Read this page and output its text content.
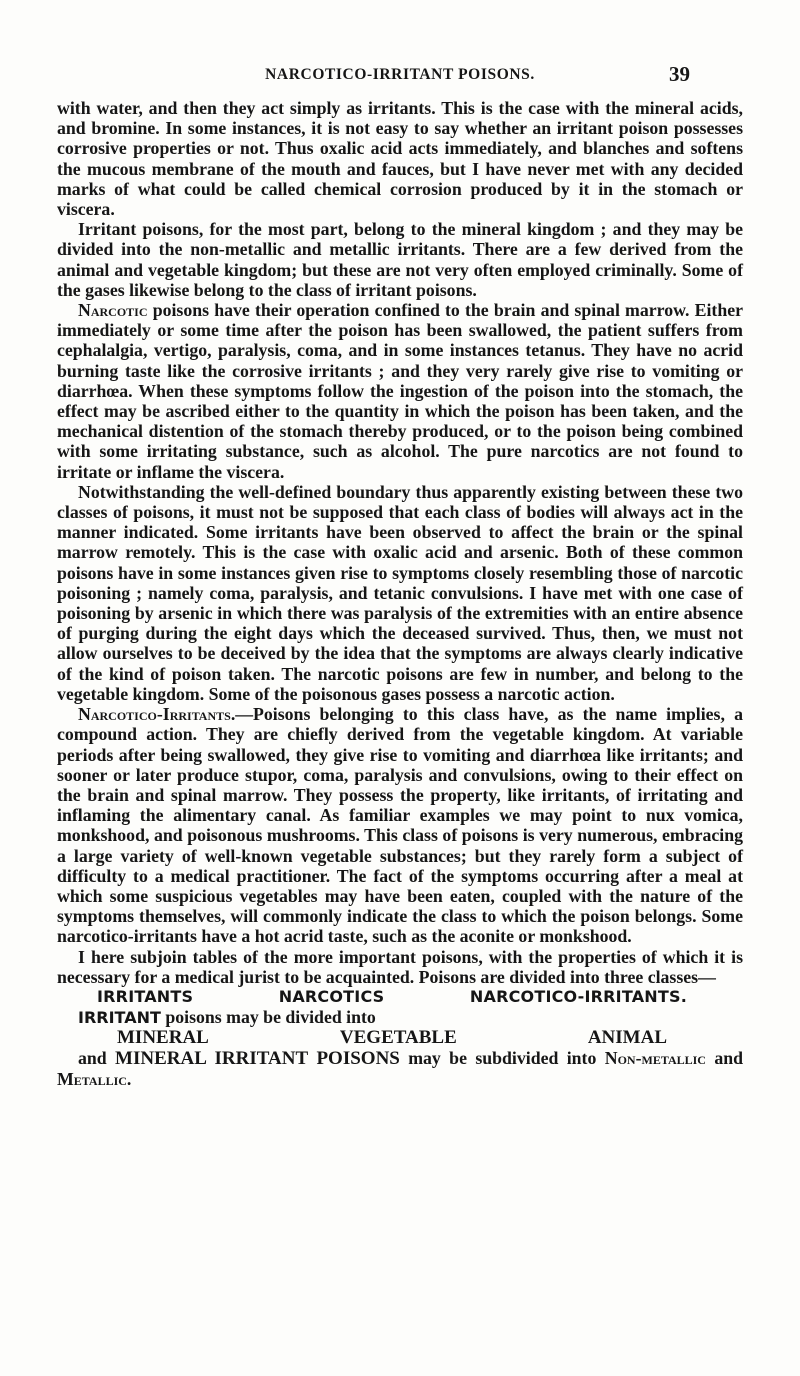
NARCOTICO-IRRITANT POISONS.	39

with water, and then they act simply as irritants. This is the case with the mineral acids, and bromine. In some instances, it is not easy to say whether an irritant poison possesses corrosive properties or not. Thus oxalic acid acts immediately, and blanches and softens the mucous membrane of the mouth and fauces, but I have never met with any decided marks of what could be called chemical corrosion produced by it in the stomach or viscera.

Irritant poisons, for the most part, belong to the mineral kingdom ; and they may be divided into the non-metallic and metallic irritants. There are a few derived from the animal and vegetable kingdom; but these are not very often employed criminally. Some of the gases likewise belong to the class of irritant poisons.

Narcotic poisons have their operation confined to the brain and spinal marrow. Either immediately or some time after the poison has been swallowed, the patient suffers from cephalalgia, vertigo, paralysis, coma, and in some instances tetanus. They have no acrid burning taste like the corrosive irritants ; and they very rarely give rise to vomiting or diarrhœa. When these symptoms follow the ingestion of the poison into the stomach, the effect may be ascribed either to the quantity in which the poison has been taken, and the mechanical distention of the stomach thereby produced, or to the poison being combined with some irritating substance, such as alcohol. The pure narcotics are not found to irritate or inflame the viscera.

Notwithstanding the well-defined boundary thus apparently existing between these two classes of poisons, it must not be supposed that each class of bodies will always act in the manner indicated. Some irritants have been observed to affect the brain or the spinal marrow remotely. This is the case with oxalic acid and arsenic. Both of these common poisons have in some instances given rise to symptoms closely resembling those of narcotic poisoning ; namely coma, paralysis, and tetanic convulsions. I have met with one case of poisoning by arsenic in which there was paralysis of the extremities with an entire absence of purging during the eight days which the deceased survived. Thus, then, we must not allow ourselves to be deceived by the idea that the symptoms are always clearly indicative of the kind of poison taken. The narcotic poisons are few in number, and belong to the vegetable kingdom. Some of the poisonous gases possess a narcotic action.

Narcotico-Irritants.—Poisons belonging to this class have, as the name implies, a compound action. They are chiefly derived from the vegetable kingdom. At variable periods after being swallowed, they give rise to vomiting and diarrhœa like irritants; and sooner or later produce stupor, coma, paralysis and convulsions, owing to their effect on the brain and spinal marrow. They possess the property, like irritants, of irritating and inflaming the alimentary canal. As familiar examples we may point to nux vomica, monkshood, and poisonous mushrooms. This class of poisons is very numerous, embracing a large variety of well-known vegetable substances; but they rarely form a subject of difficulty to a medical practitioner. The fact of the symptoms occurring after a meal at which some suspicious vegetables may have been eaten, coupled with the nature of the symptoms themselves, will commonly indicate the class to which the poison belongs. Some narcotico-irritants have a hot acrid taste, such as the aconite or monkshood.

I here subjoin tables of the more important poisons, with the properties of which it is necessary for a medical jurist to be acquainted. Poisons are divided into three classes—

IRRITANTS	NARCOTICS	NARCOTICO-IRRITANTS.

IRRITANT poisons may be divided into

MINERAL	VEGETABLE	ANIMAL

and MINERAL IRRITANT POISONS may be subdivided into Non-metallic and Metallic.
